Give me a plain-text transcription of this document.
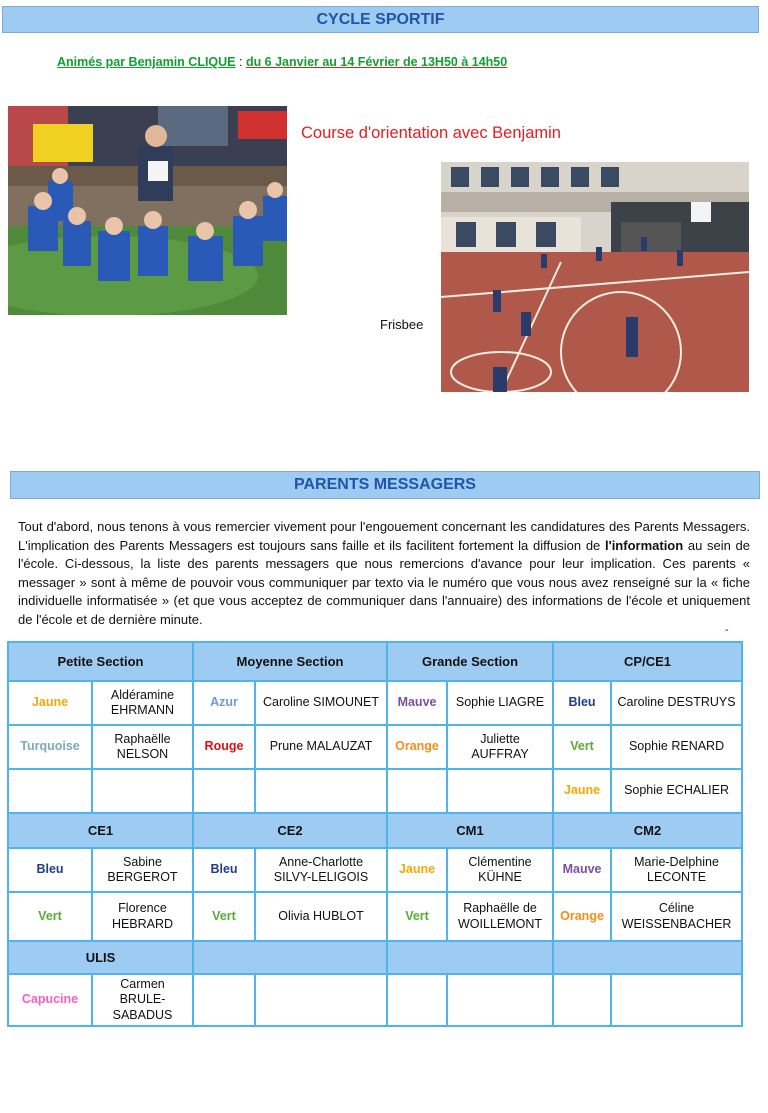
CYCLE SPORTIF
Animés par Benjamin CLIQUE : du 6 Janvier au 14 Février de 13H50 à 14h50
Course d'orientation avec Benjamin
Frisbee
PARENTS MESSAGERS

Tout d'abord, nous tenons à vous remercier vivement pour l'engouement concernant les candidatures des Parents Messagers. L'implication des Parents Messagers est toujours sans faille et ils facilitent fortement la diffusion de l'information au sein de l'école. Ci-dessous, la liste des parents messagers que nous remercions d'avance pour leur implication. Ces parents « messager » sont à même de pouvoir vous communiquer par texto via le numéro que vous nous avez renseigné sur la « fiche individuelle informatisée » (et que vous acceptez de communiquer dans l'annuaire) des informations de l'école et uniquement de l'école et de dernière minute.

-
Petite Section		Moyenne Section		Grande Section		CP/CE1	
Jaune	Aldéramine EHRMANN	Azur	Caroline SIMOUNET	Mauve	Sophie LIAGRE	Bleu	Caroline DESTRUYS
Turquoise	Raphaëlle NELSON	Rouge	Prune MALAUZAT	Orange	Juliette AUFFRAY	Vert	Sophie RENARD
						Jaune	Sophie ECHALIER
CE1		CE2		CM1		CM2	
Bleu	Sabine BERGEROT	Bleu	Anne-Charlotte SILVY-LELIGOIS	Jaune	Clémentine KÜHNE	Mauve	Marie-Delphine LECONTE
Vert	Florence HEBRARD	Vert	Olivia HUBLOT	Vert	Raphaëlle de WOILLEMONT	Orange	Céline WEISSENBACHER
ULIS							
Capucine	Carmen BRULE-SABADUS						
